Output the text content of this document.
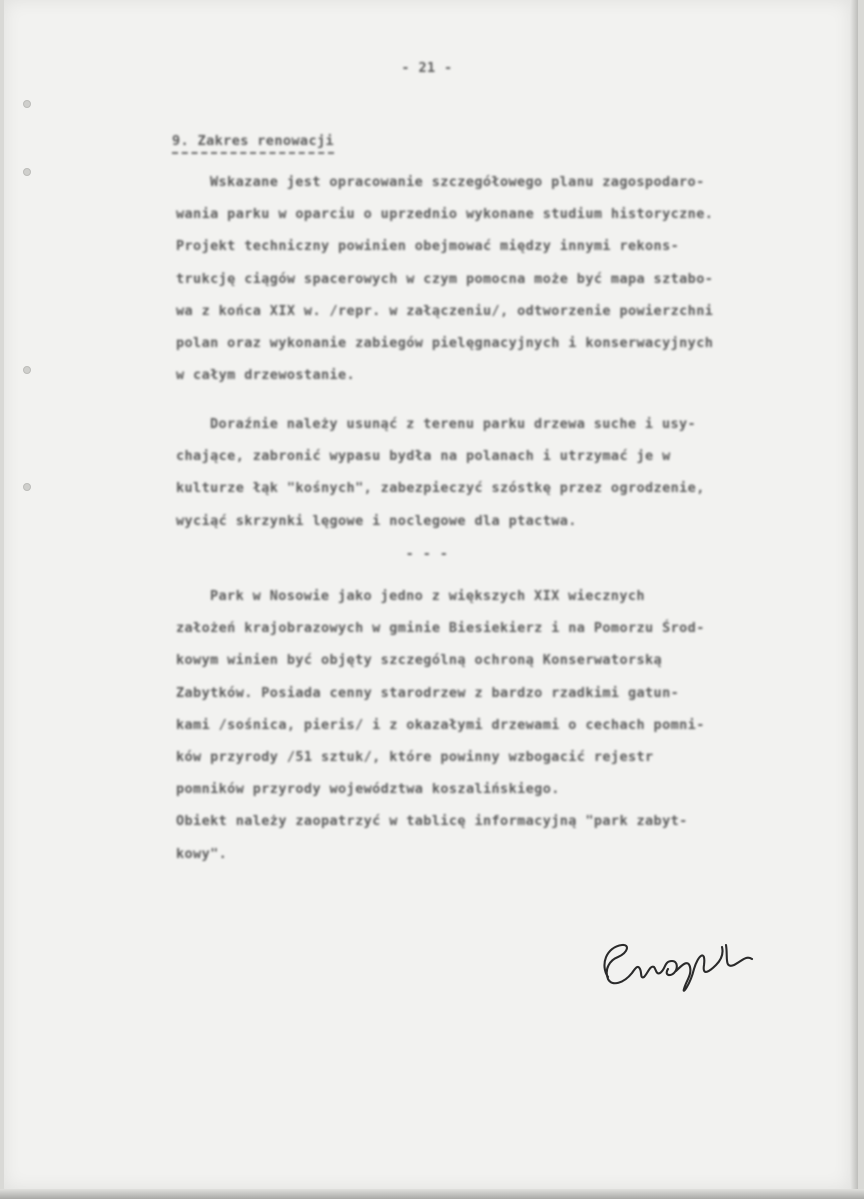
- 21 -
9. Zakres renowacji
Wskazane jest opracowanie szczegółowego planu zagospodaro-
wania parku w oparciu o uprzednio wykonane studium historyczne.
Projekt techniczny powinien obejmować między innymi rekons-
trukcję ciągów spacerowych w czym pomocna może być mapa sztabo-
wa z końca XIX w. /repr. w załączeniu/, odtworzenie powierzchni
polan oraz wykonanie zabiegów pielęgnacyjnych i konserwacyjnych
w całym drzewostanie.
Doraźnie należy usunąć z terenu parku drzewa suche i usy-
chające, zabronić wypasu bydła na polanach i utrzymać je w
kulturze łąk "kośnych", zabezpieczyć szóstkę przez ogrodzenie,
wyciąć skrzynki lęgowe i noclegowe dla ptactwa.
- - -
Park w Nosowie jako jedno z większych XIX wiecznych
założeń krajobrazowych w gminie Biesiekierz i na Pomorzu Środ-
kowym winien być objęty szczególną ochroną Konserwatorską
Zabytków. Posiada cenny starodrzew z bardzo rzadkimi gatun-
kami /sośnica, pieris/ i z okazałymi drzewami o cechach pomni-
ków przyrody /51 sztuk/, które powinny wzbogacić rejestr
pomników przyrody województwa koszalińskiego.
Obiekt należy zaopatrzyć w tablicę informacyjną "park zabyt-
kowy".
